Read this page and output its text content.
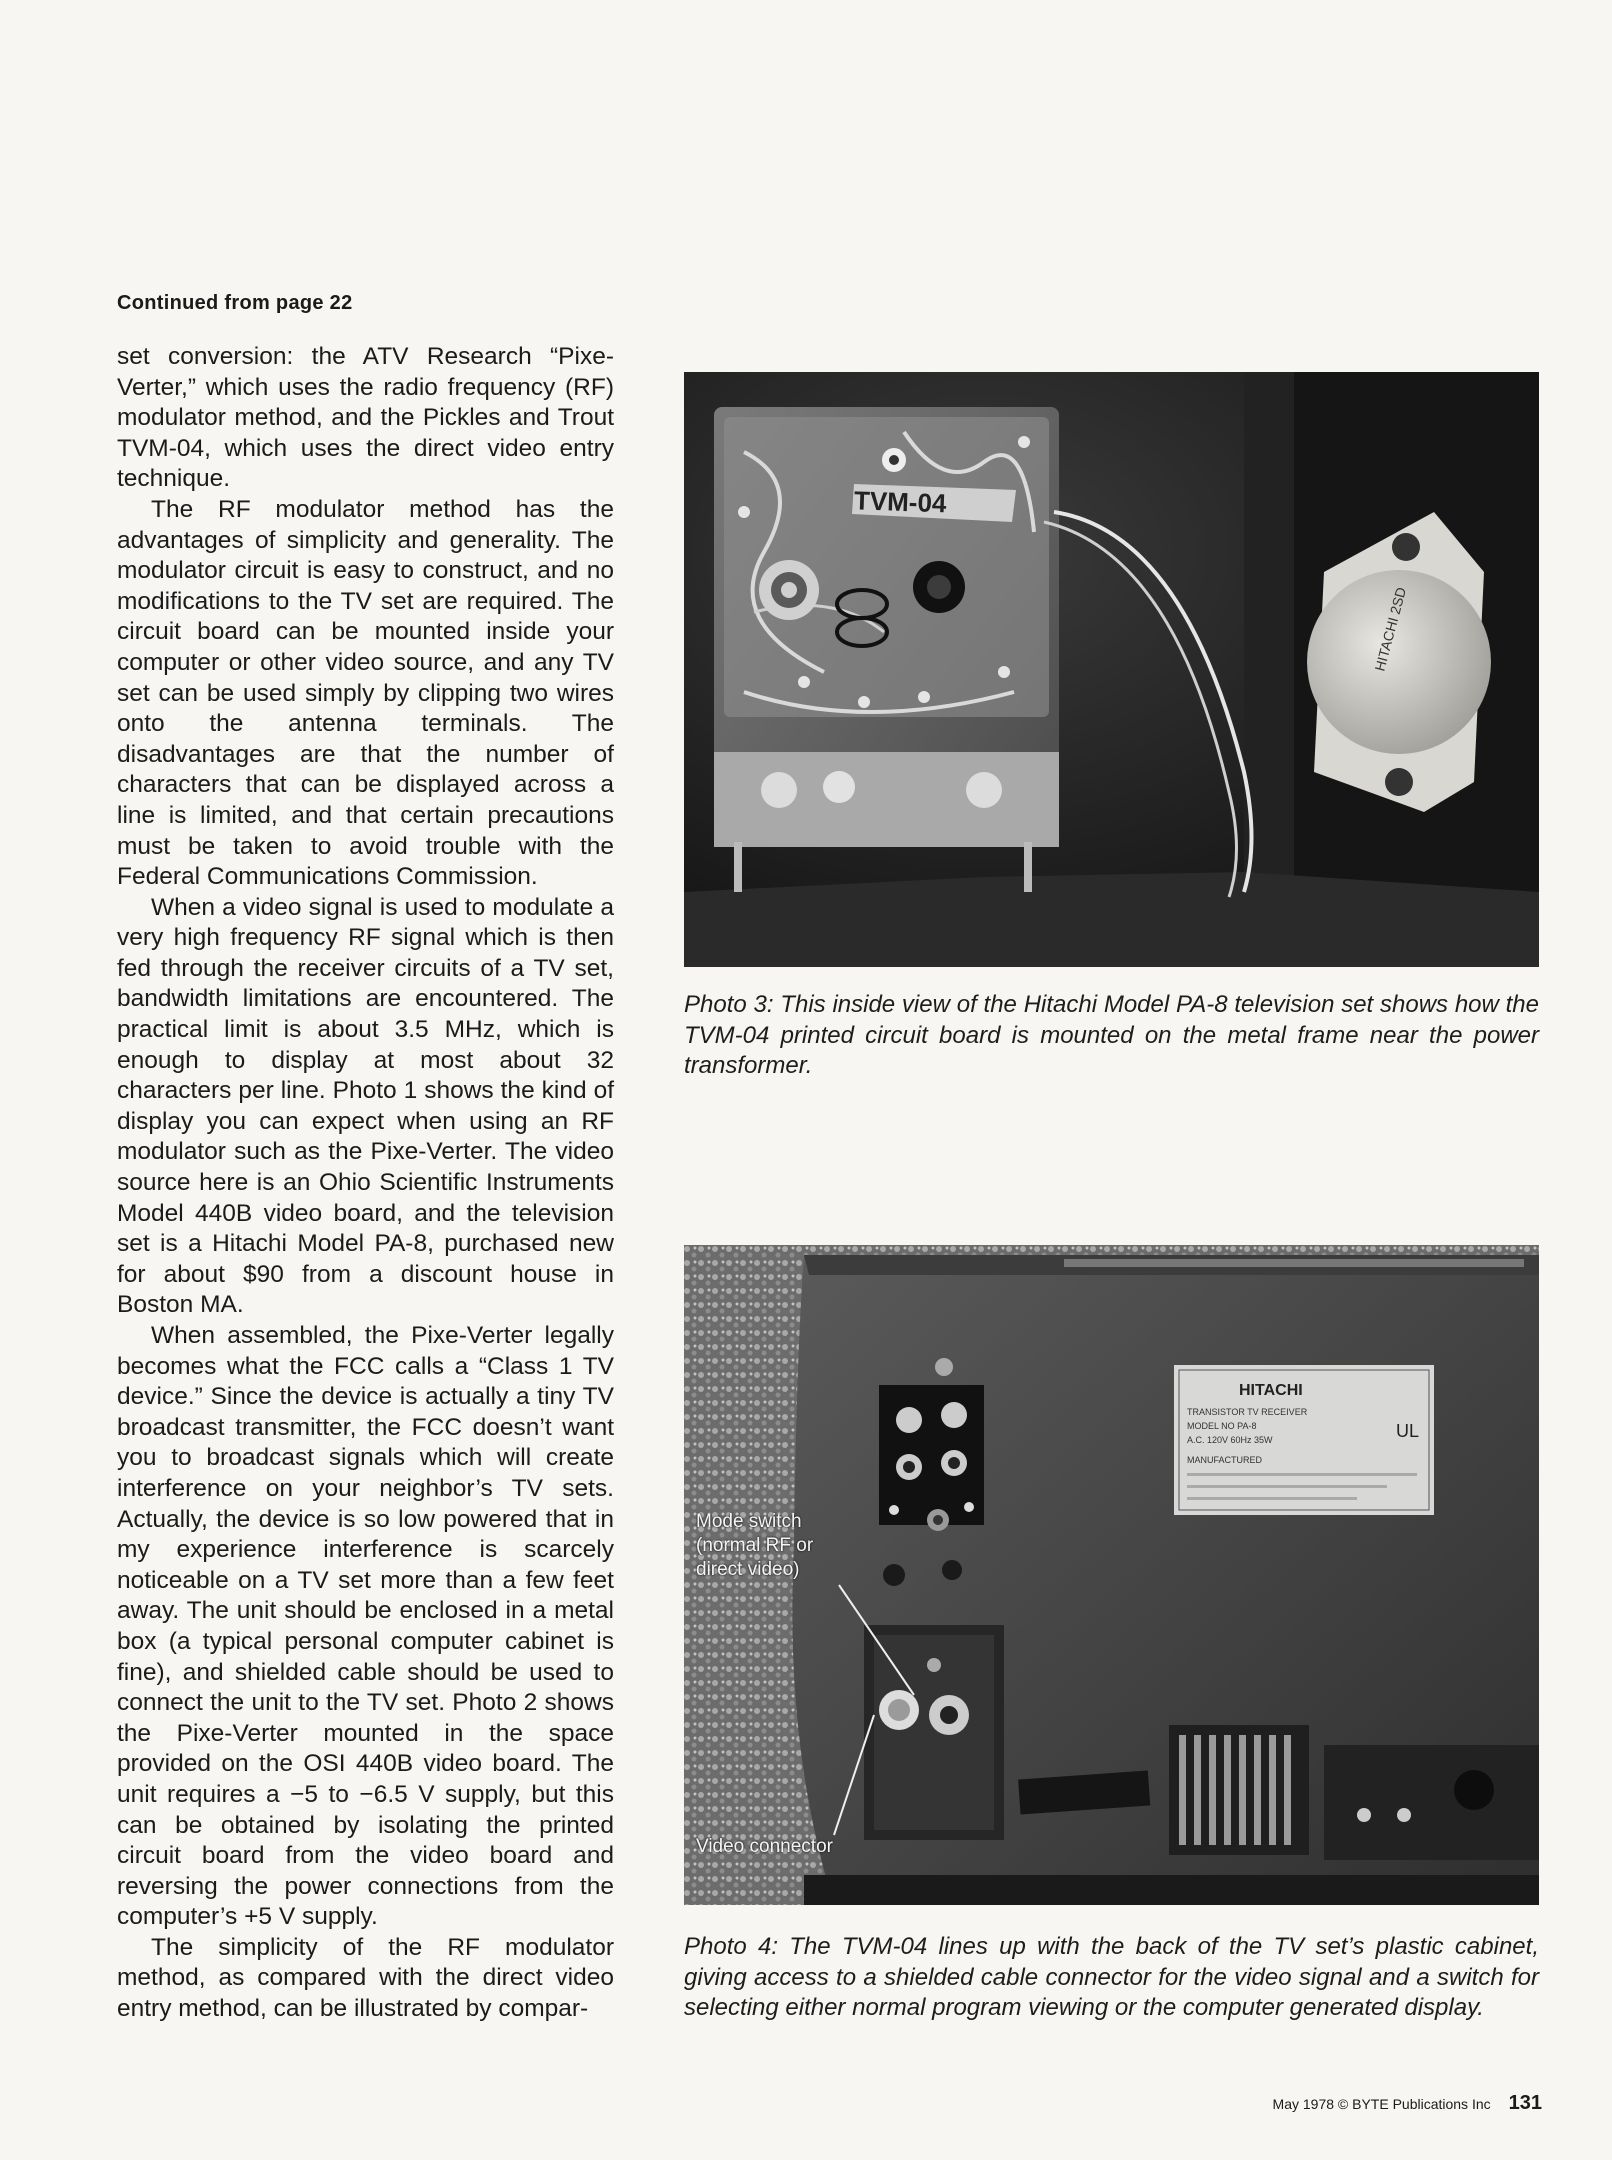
Continued from page 22

set conversion: the ATV Research “Pixe-Verter,” which uses the radio frequency (RF) modulator method, and the Pickles and Trout TVM-04, which uses the direct video entry technique.

The RF modulator method has the advantages of simplicity and generality. The modulator circuit is easy to construct, and no modifications to the TV set are required. The circuit board can be mounted inside your computer or other video source, and any TV set can be used simply by clipping two wires onto the antenna terminals. The disadvantages are that the number of characters that can be displayed across a line is limited, and that certain precautions must be taken to avoid trouble with the Federal Communications Commission.

When a video signal is used to modulate a very high frequency RF signal which is then fed through the receiver circuits of a TV set, bandwidth limitations are encountered. The practical limit is about 3.5 MHz, which is enough to display at most about 32 characters per line. Photo 1 shows the kind of display you can expect when using an RF modulator such as the Pixe-Verter. The video source here is an Ohio Scientific Instruments Model 440B video board, and the television set is a Hitachi Model PA-8, purchased new for about $90 from a discount house in Boston MA.

When assembled, the Pixe-Verter legally becomes what the FCC calls a “Class 1 TV device.” Since the device is actually a tiny TV broadcast transmitter, the FCC doesn’t want you to broadcast signals which will create interference on your neighbor’s TV sets. Actually, the device is so low powered that in my experience interference is scarcely noticeable on a TV set more than a few feet away. The unit should be enclosed in a metal box (a typical personal computer cabinet is fine), and shielded cable should be used to connect the unit to the TV set. Photo 2 shows the Pixe-Verter mounted in the space provided on the OSI 440B video board. The unit requires a −5 to −6.5 V supply, but this can be obtained by isolating the printed circuit board from the video board and reversing the power connections from the computer’s +5 V supply.

The simplicity of the RF modulator method, as compared with the direct video entry method, can be illustrated by compar-

TVM-04
HITACHI 2SD
Photo 3: This inside view of the Hitachi Model PA-8 television set shows how the TVM-04 printed circuit board is mounted on the metal frame near the power transformer.
HITACHI
TRANSISTOR TV RECEIVER
MODEL NO PA-8
A.C. 120V 60Hz 35W
MANUFACTURED
UL
Mode switch (normal RF or direct video)
Video connector
Photo 4: The TVM-04 lines up with the back of the TV set’s plastic cabinet, giving access to a shielded cable connector for the video signal and a switch for selecting either normal program viewing or the computer generated display.
May 1978 © BYTE Publications Inc 131
